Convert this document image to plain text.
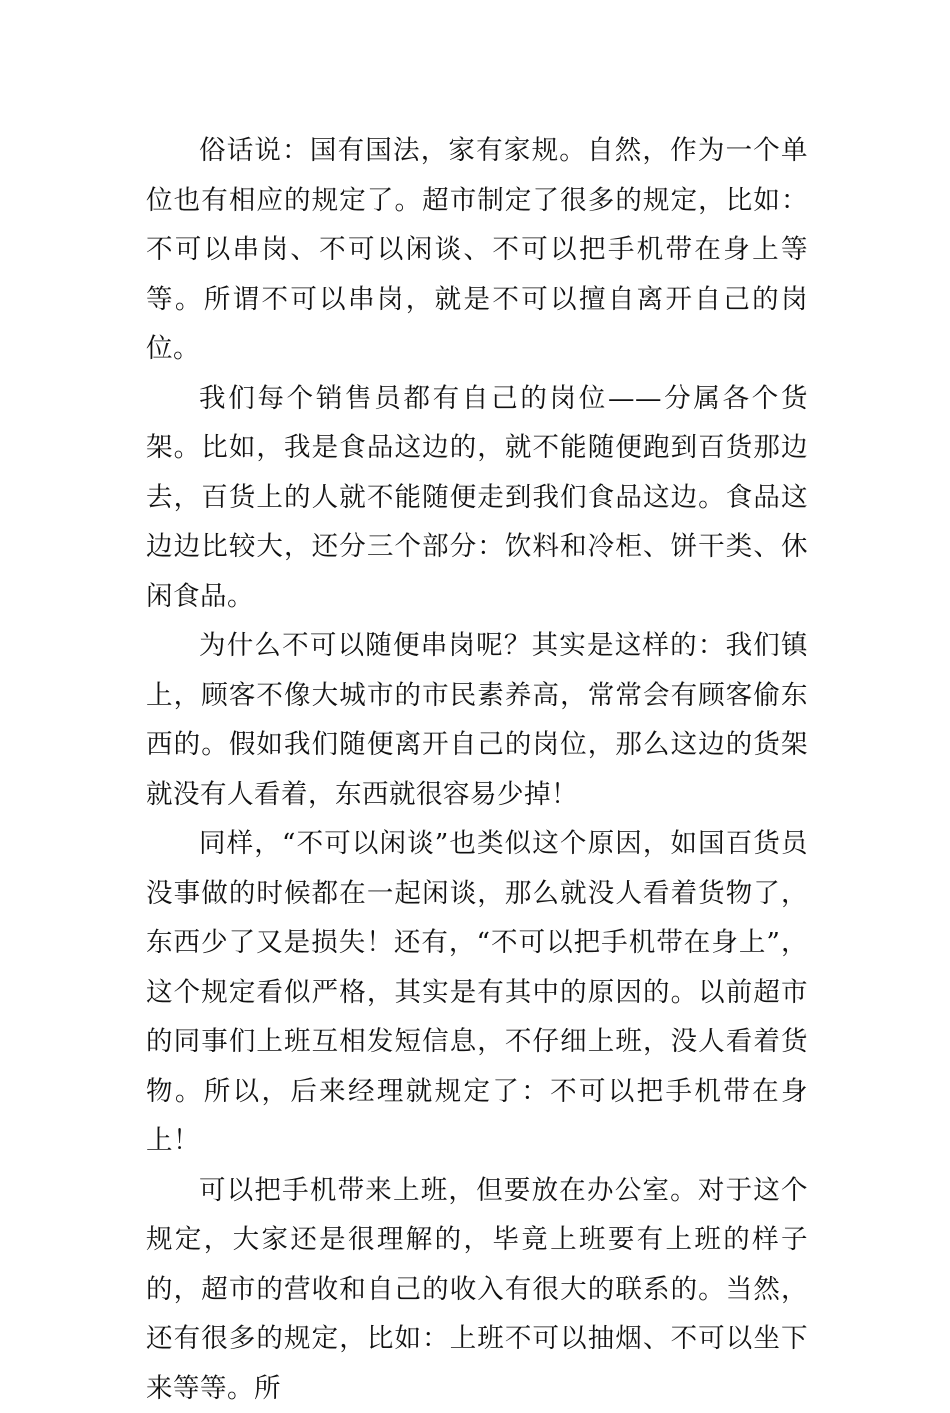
俗话说：国有国法，家有家规。自然，作为一个单位也有相应的规定了。超市制定了很多的规定，比如：不可以串岗、不可以闲谈、不可以把手机带在身上等等。所谓不可以串岗，就是不可以擅自离开自己的岗位。

我们每个销售员都有自己的岗位——分属各个货架。比如，我是食品这边的，就不能随便跑到百货那边去，百货上的人就不能随便走到我们食品这边。食品这边边比较大，还分三个部分：饮料和冷柜、饼干类、休闲食品。

为什么不可以随便串岗呢？其实是这样的：我们镇上，顾客不像大城市的市民素养高，常常会有顾客偷东西的。假如我们随便离开自己的岗位，那么这边的货架就没有人看着，东西就很容易少掉！

同样，“不可以闲谈”也类似这个原因，如国百货员没事做的时候都在一起闲谈，那么就没人看着货物了，东西少了又是损失！还有，“不可以把手机带在身上”，这个规定看似严格，其实是有其中的原因的。以前超市的同事们上班互相发短信息，不仔细上班，没人看着货物。所以，后来经理就规定了：不可以把手机带在身上！

可以把手机带来上班，但要放在办公室。对于这个规定，大家还是很理解的，毕竟上班要有上班的样子的，超市的营收和自己的收入有很大的联系的。当然，还有很多的规定，比如：上班不可以抽烟、不可以坐下来等等。所
